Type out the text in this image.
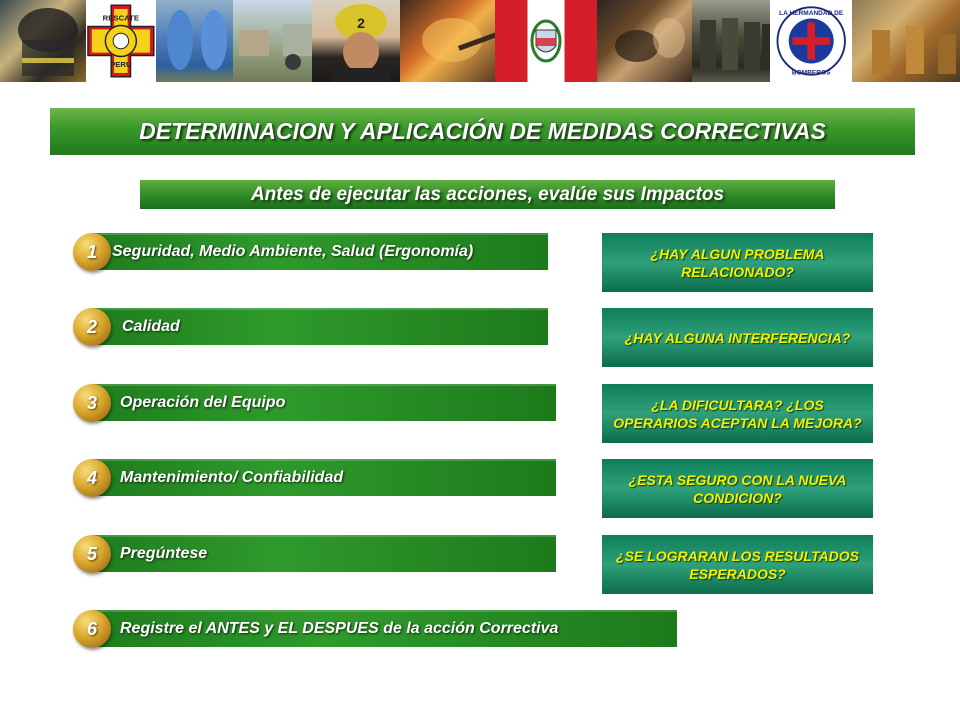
RESCATE
PERU
2
LA HERMANDAD DE
BOMBEROS
DETERMINACION Y APLICACIÓN DE MEDIDAS CORRECTIVAS
Antes de ejecutar las acciones, evalúe sus Impactos
Seguridad, Medio Ambiente, Salud (Ergonomía)
1
Calidad
2
Operación del Equipo
3
Mantenimiento/ Confiabilidad
4
Pregúntese
5
Registre el ANTES y EL DESPUES de la acción Correctiva
6
¿HAY ALGUN PROBLEMA RELACIONADO?
¿HAY ALGUNA INTERFERENCIA?
¿LA DIFICULTARA? ¿LOS OPERARIOS ACEPTAN LA MEJORA?
¿ESTA SEGURO CON LA NUEVA CONDICION?
¿SE LOGRARAN LOS RESULTADOS ESPERADOS?
